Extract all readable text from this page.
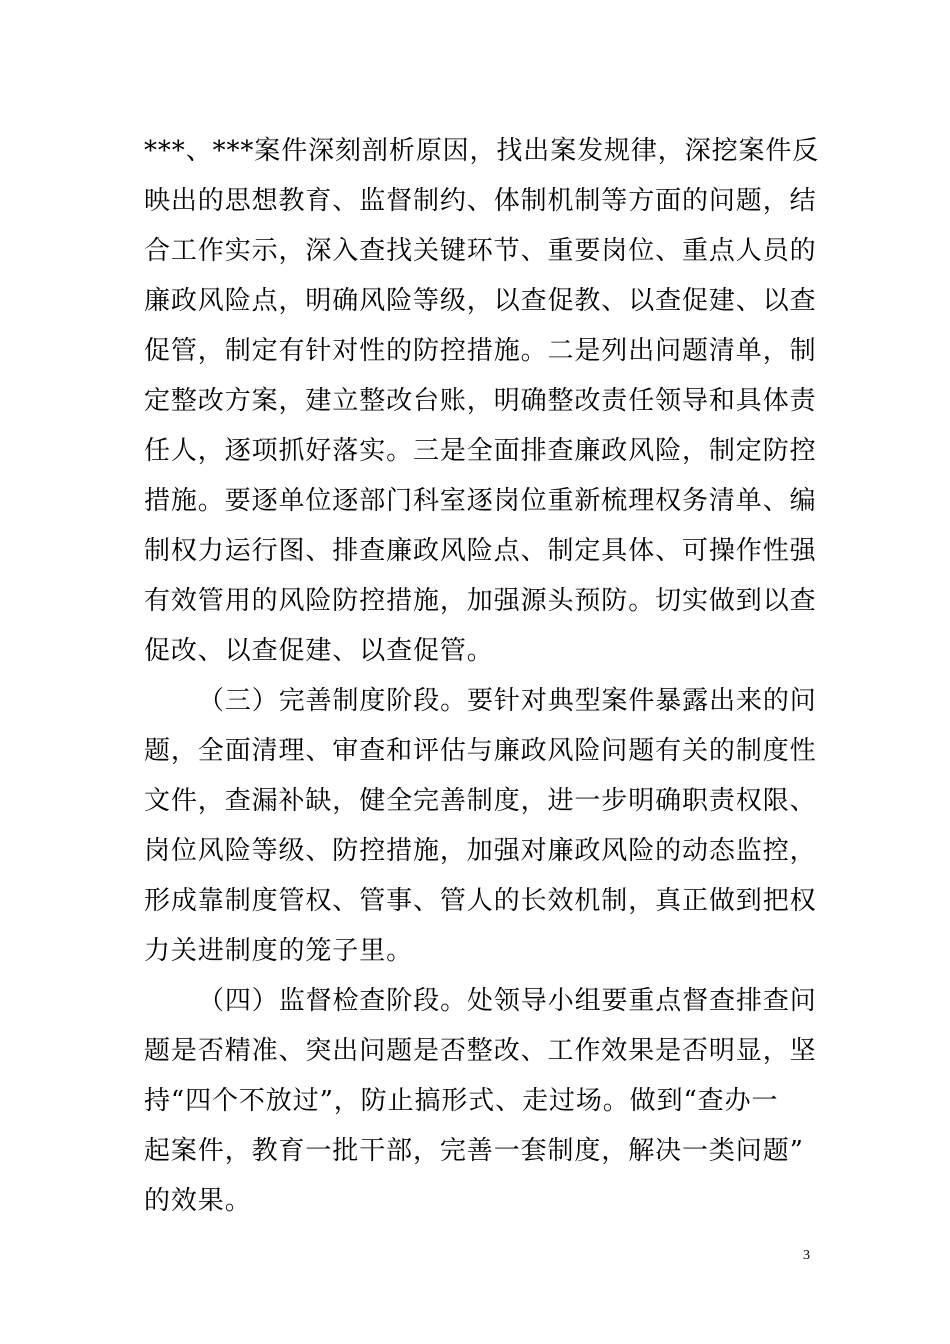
***、***案件深刻剖析原因，找出案发规律，深挖案件反
映出的思想教育、监督制约、体制机制等方面的问题，结
合工作实示，深入查找关键环节、重要岗位、重点人员的
廉政风险点，明确风险等级，以查促教、以查促建、以查
促管，制定有针对性的防控措施。二是列出问题清单，制
定整改方案，建立整改台账，明确整改责任领导和具体责
任人，逐项抓好落实。三是全面排查廉政风险，制定防控
措施。要逐单位逐部门科室逐岗位重新梳理权务清单、编
制权力运行图、排查廉政风险点、制定具体、可操作性强
有效管用的风险防控措施，加强源头预防。切实做到以查
促改、以查促建、以查促管。
（三）完善制度阶段。要针对典型案件暴露出来的问
题，全面清理、审查和评估与廉政风险问题有关的制度性
文件，查漏补缺，健全完善制度，进一步明确职责权限、
岗位风险等级、防控措施，加强对廉政风险的动态监控，
形成靠制度管权、管事、管人的长效机制，真正做到把权
力关进制度的笼子里。
（四）监督检查阶段。处领导小组要重点督查排查问
题是否精准、突出问题是否整改、工作效果是否明显，坚
持“四个不放过”，防止搞形式、走过场。做到“查办一
起案件，教育一批干部，完善一套制度，解决一类问题”
的效果。
3
